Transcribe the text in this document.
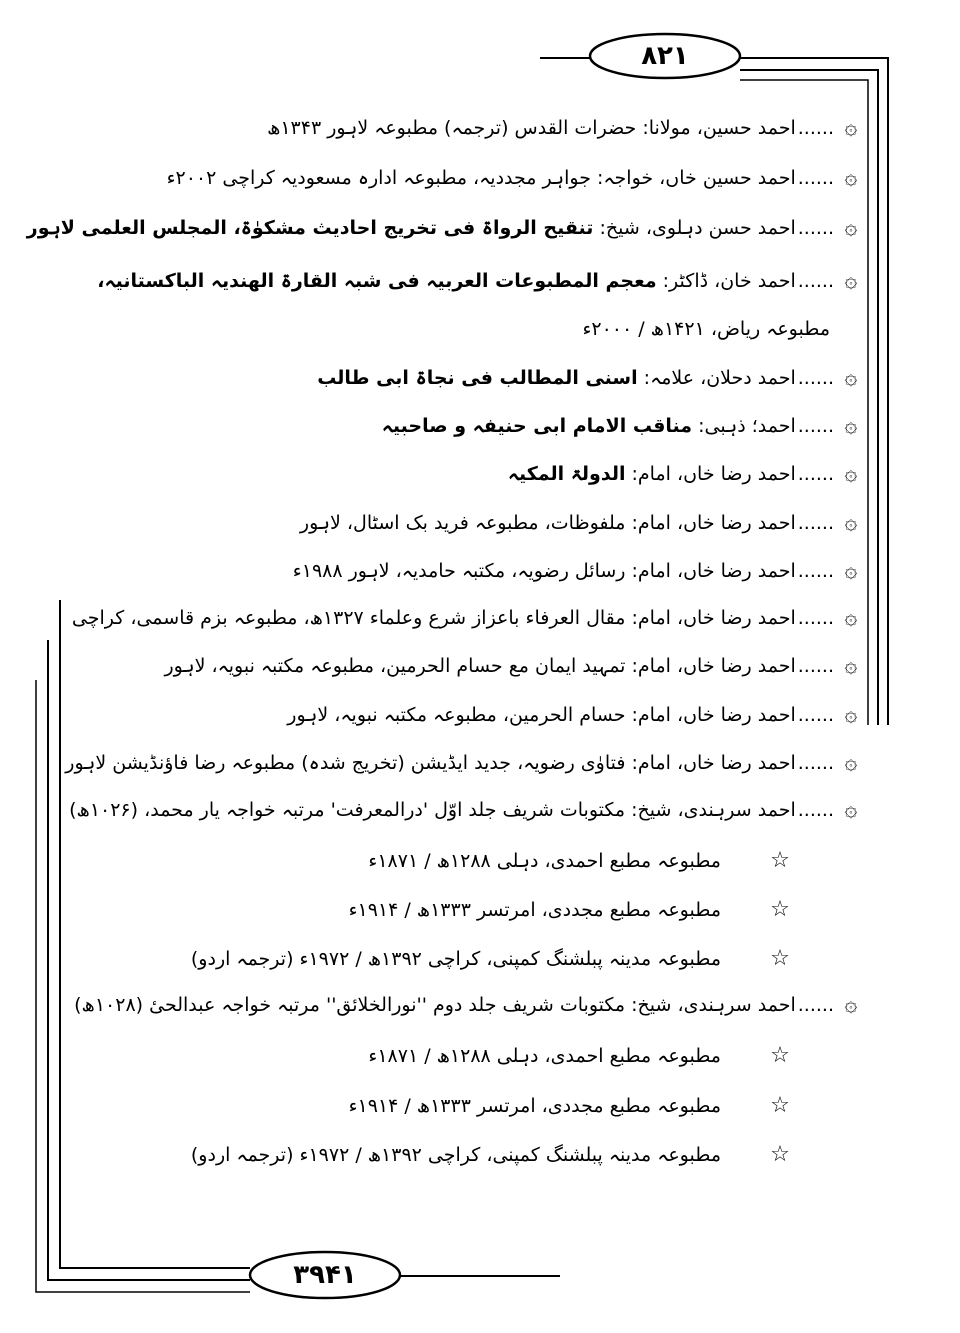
۸۲۱
۳۹۴۱
۞......احمد حسین، مولانا: حضرات القدس (ترجمہ) مطبوعہ لاہور ۱۳۴۳ھ
۞......احمد حسین خاں، خواجہ: جواہر مجددیہ، مطبوعہ ادارہ مسعودیہ کراچی ۲۰۰۲ء
۞......احمد حسن دہلوی، شیخ: تنقیح الرواۃ فی تخریج احادیث مشکوٰۃ، المجلس العلمی لاہور
۞......احمد خان، ڈاکٹر: معجم المطبوعات العربیہ فی شبہ القارۃ الھندیہ الباکستانیہ،
مطبوعہ ریاض، ۱۴۲۱ھ / ۲۰۰۰ء
۞......احمد دحلان، علامہ: اسنی المطالب فی نجاۃ ابی طالب
۞......احمد؛ ذہبی: مناقب الامام ابی حنیفہ و صاحبیہ
۞......احمد رضا خاں، امام: الدولۃ المکیہ
۞......احمد رضا خاں، امام: ملفوظات، مطبوعہ فرید بک اسٹال، لاہور
۞......احمد رضا خاں، امام: رسائل رضویہ، مکتبہ حامدیہ، لاہور ۱۹۸۸ء
۞......احمد رضا خاں، امام: مقال العرفاء باعزاز شرع وعلماء ۱۳۲۷ھ، مطبوعہ بزم قاسمی، کراچی
۞......احمد رضا خاں، امام: تمہید ایمان مع حسام الحرمین، مطبوعہ مکتبہ نبویہ، لاہور
۞......احمد رضا خاں، امام: حسام الحرمین، مطبوعہ مکتبہ نبویہ، لاہور
۞......احمد رضا خاں، امام: فتاوٰی رضویہ، جدید ایڈیشن (تخریج شدہ) مطبوعہ رضا فاؤنڈیشن لاہور
۞......احمد سرہندی، شیخ: مکتوبات شریف جلد اوّل 'درالمعرفت' مرتبہ خواجہ یار محمد، (۱۰۲۶ھ)
☆مطبوعہ مطبع احمدی، دہلی ۱۲۸۸ھ / ۱۸۷۱ء
☆مطبوعہ مطبع مجددی، امرتسر ۱۳۳۳ھ / ۱۹۱۴ء
☆مطبوعہ مدینہ پبلشنگ کمپنی، کراچی ۱۳۹۲ھ / ۱۹۷۲ء (ترجمہ اردو)
۞......احمد سرہندی، شیخ: مکتوبات شریف جلد دوم ''نورالخلائق'' مرتبہ خواجہ عبدالحیٔ (۱۰۲۸ھ)
☆مطبوعہ مطبع احمدی، دہلی ۱۲۸۸ھ / ۱۸۷۱ء
☆مطبوعہ مطبع مجددی، امرتسر ۱۳۳۳ھ / ۱۹۱۴ء
☆مطبوعہ مدینہ پبلشنگ کمپنی، کراچی ۱۳۹۲ھ / ۱۹۷۲ء (ترجمہ اردو)
